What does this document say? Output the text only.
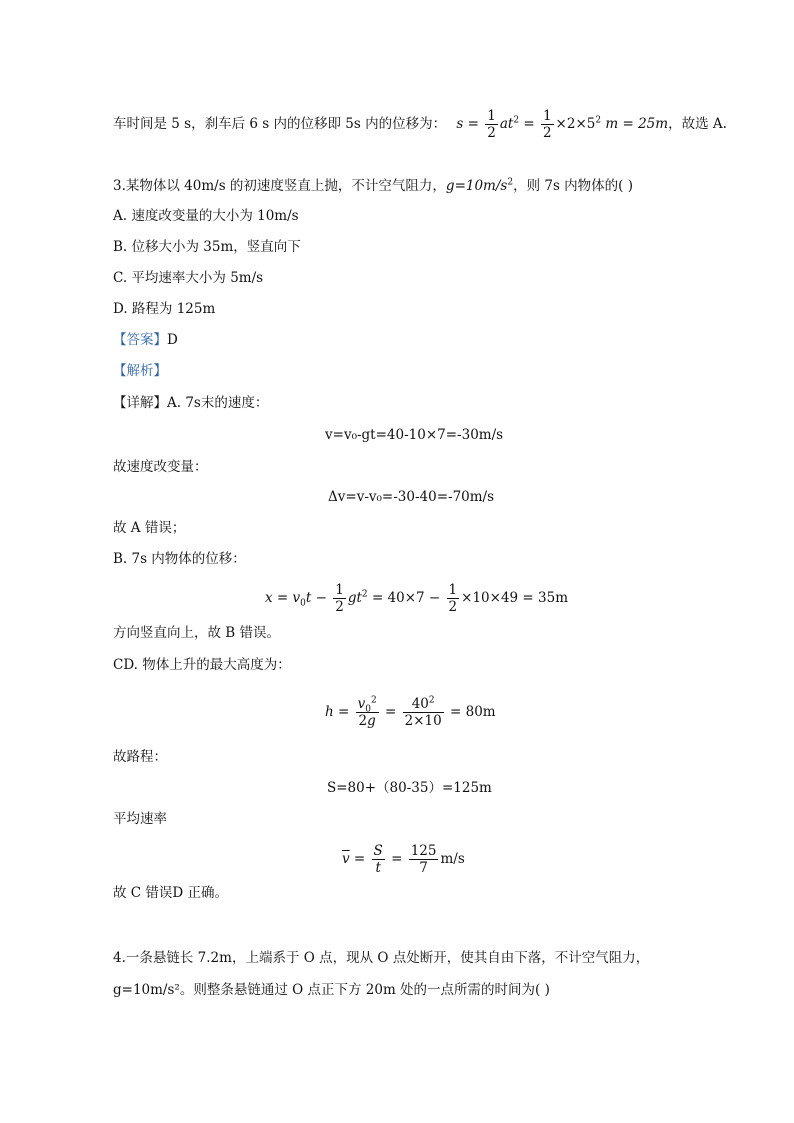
车时间是 5 s，刹车后 6 s 内的位移即 5s 内的位移为： $s = \frac{1}{2} at^2 = \frac{1}{2} \times 2\times 5^2$ m = 25m，故选 A.
3.某物体以 40m/s 的初速度竖直上抛，不计空气阻力，$g=10m/s^2$，则 7s 内物体的( )
A. 速度改变量的大小为 10m/s
B. 位移大小为 35m，竖直向下
C. 平均速率大小为 5m/s
D. 路程为 125m
【答案】D
【解析】
【详解】A. 7s末的速度：
v=v₀-gt=40-10×7=-30m/s
故速度改变量：
Δv=v-v₀=-30-40=-70m/s
故 A 错误；
B. 7s 内物体的位移：
$x = v_0t - \frac{1}{2} gt^2 = 40\times 7 - \frac{1}{2} \times 10\times 49 = 35m$
方向竖直向上，故 B 错误。
CD. 物体上升的最大高度为：
$h = \frac{v_0^2}{2g} = \frac{40^2}{2\times 10} = 80m$
故路程：
S=80+（80-35）=125m
平均速率
$\overline{v} = \frac{S}{t} = \frac{125}{7} m/s$
故 C 错误D 正确。
4.一条悬链长 7.2m，上端系于 O 点，现从 O 点处断开，使其自由下落，不计空气阻力，
g=10m/s²。则整条悬链通过 O 点正下方 20m 处的一点所需的时间为( )
